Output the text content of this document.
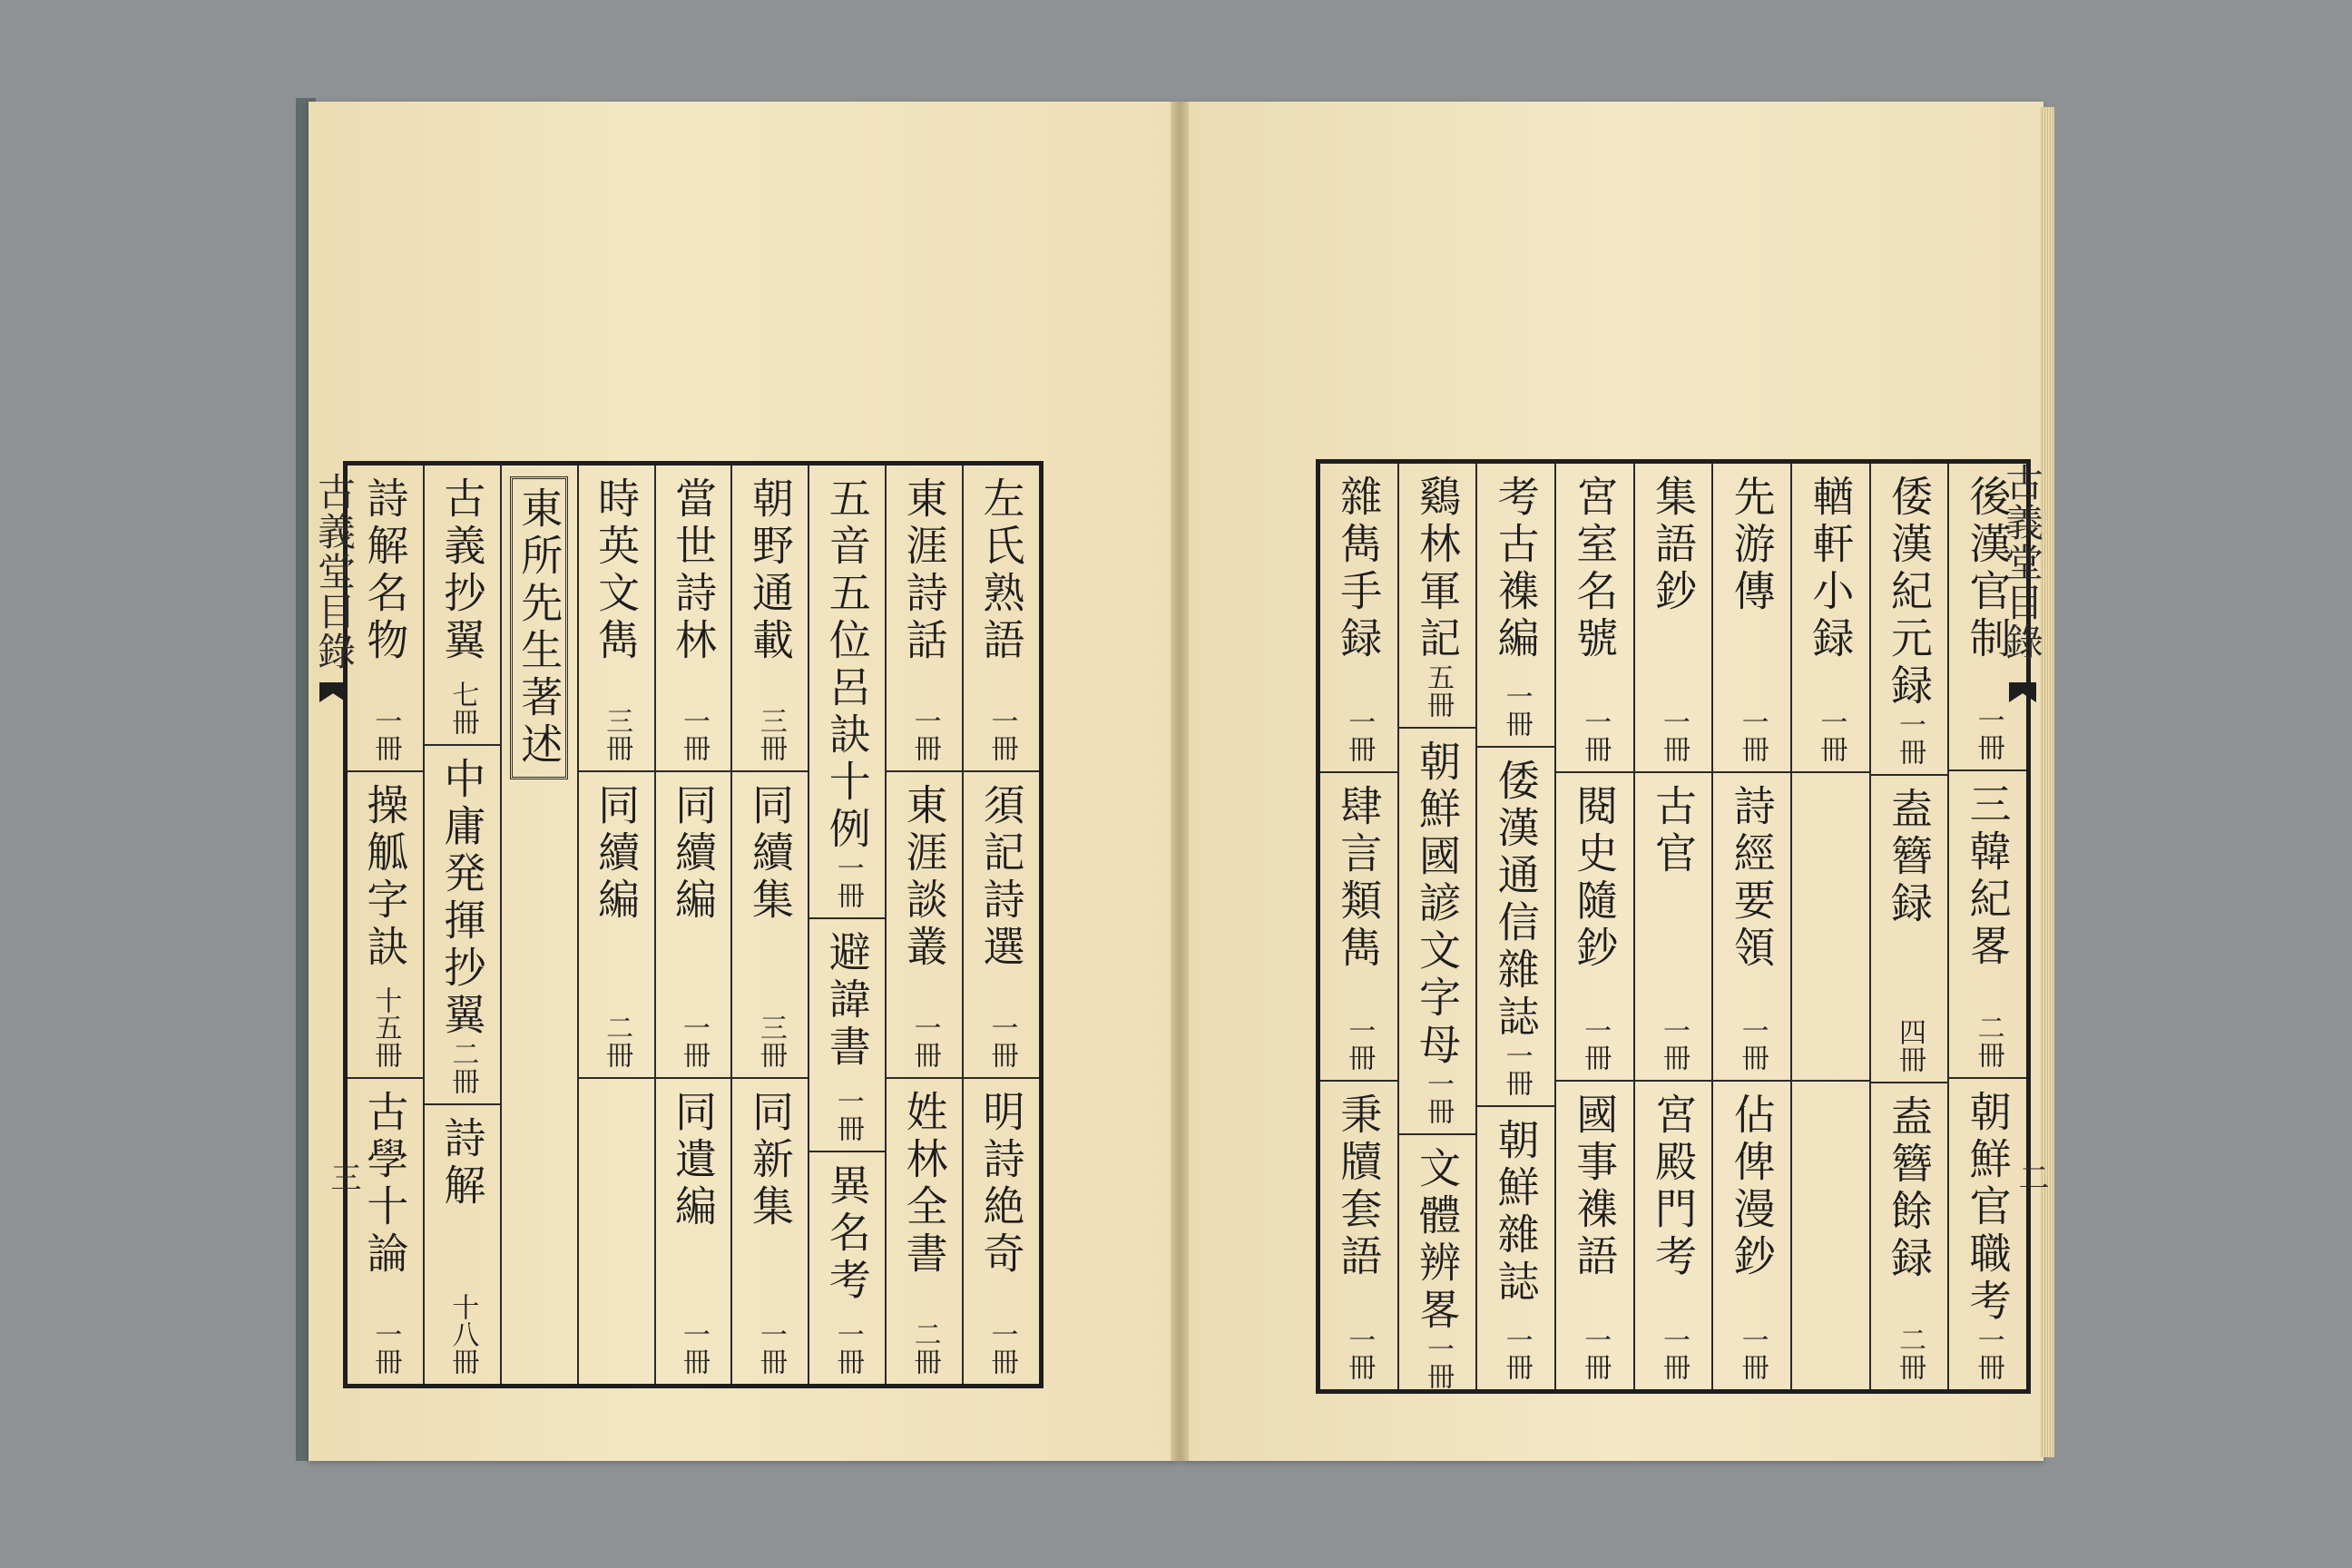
左氏熟語
一冊
須記詩選
一冊
明詩絶奇
一冊
東涯詩話
一冊
東涯談叢
一冊
姓林全書
二冊
五音五位呂訣十例
一冊
避諱書
一冊
異名考
一冊
朝野通載
三冊
同續集
三冊
同新集
一冊
當世詩林
一冊
同續編
一冊
同遺編
一冊
時英文雋
三冊
同續編
二冊
東所先生著述
古義抄翼
七冊
中庸発揮抄翼
二冊
詩解
十八冊
詩解名物
一冊
操觚字訣
十五冊
古學十論
一冊
古義堂目錄
三
後漢官制
一冊
三韓紀畧
二冊
朝鮮官職考
一冊
倭漢紀元録
一冊
盍簪録
四冊
盍簪餘録
二冊
輶軒小録
一冊
先游傳
一冊
詩經要領
一冊
佔俾漫鈔
一冊
集語鈔
一冊
古官
一冊
宮殿門考
一冊
宮室名號
一冊
閱史隨鈔
一冊
國事襍語
一冊
考古襍編
一冊
倭漢通信雜誌
一冊
朝鮮雜誌
一冊
鷄林軍記
五冊
朝鮮國諺文字母
一冊
文體辨畧
一冊
雜雋手録
一冊
肆言類雋
一冊
秉牘套語
一冊
古義堂目錄
二
